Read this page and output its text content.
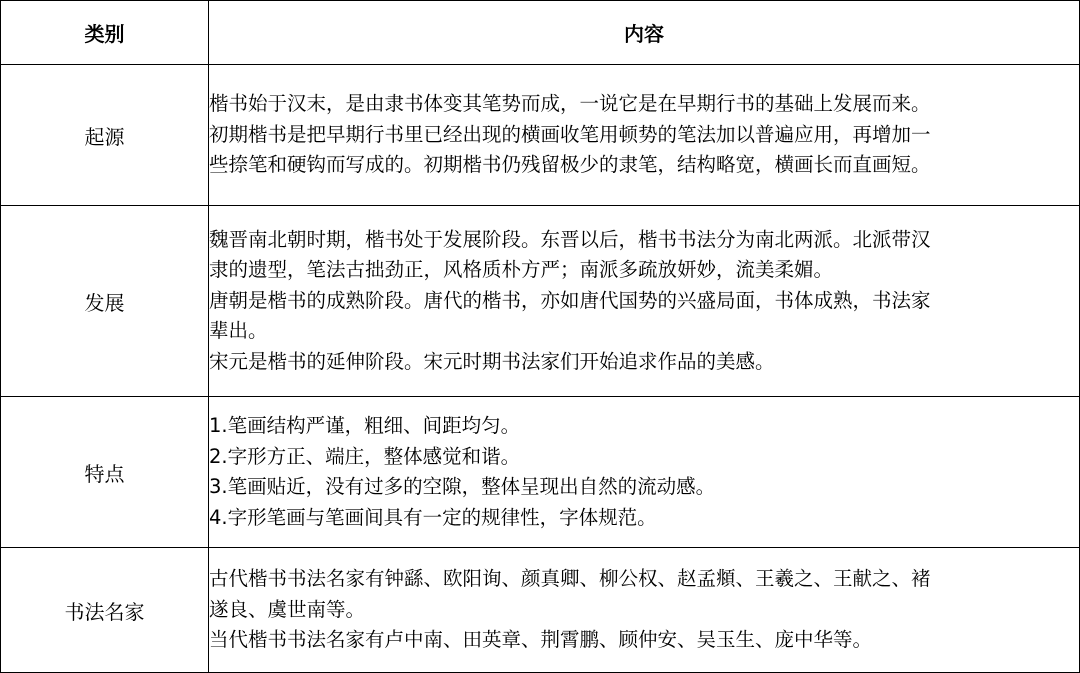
类别	内容
起源	楷书始于汉末，是由隶书体变其笔势而成，一说它是在早期行书的基础上发展而来。
初期楷书是把早期行书里已经出现的横画收笔用顿势的笔法加以普遍应用，再增加一
些捺笔和硬钩而写成的。初期楷书仍残留极少的隶笔，结构略宽，横画长而直画短。

发展	魏晋南北朝时期，楷书处于发展阶段。东晋以后，楷书书法分为南北两派。北派带汉
隶的遗型，笔法古拙劲正，风格质朴方严；南派多疏放妍妙，流美柔媚。
唐朝是楷书的成熟阶段。唐代的楷书，亦如唐代国势的兴盛局面，书体成熟，书法家
辈出。
宋元是楷书的延伸阶段。宋元时期书法家们开始追求作品的美感。

特点	1.笔画结构严谨，粗细、间距均匀。
2.字形方正、端庄，整体感觉和谐。
3.笔画贴近，没有过多的空隙，整体呈现出自然的流动感。
4.字形笔画与笔画间具有一定的规律性，字体规范。

书法名家	古代楷书书法名家有钟繇、欧阳询、颜真卿、柳公权、赵孟頫、王羲之、王献之、褚
遂良、虞世南等。
当代楷书书法名家有卢中南、田英章、荆霄鹏、顾仲安、吴玉生、庞中华等。
